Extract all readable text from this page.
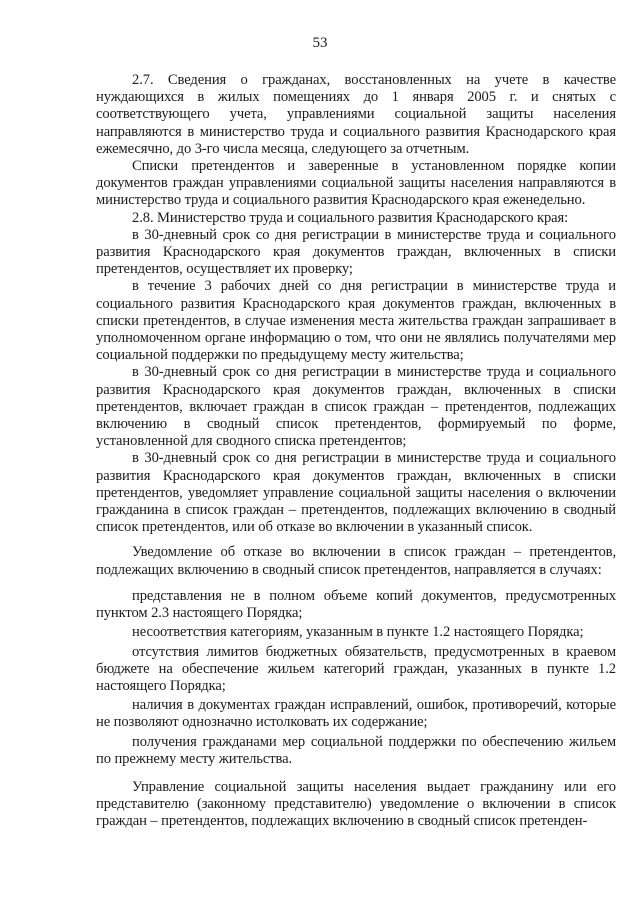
53

2.7. Сведения о гражданах, восстановленных на учете в качестве нуждающихся в жилых помещениях до 1 января 2005 г. и снятых с соответствующего учета, управлениями социальной защиты населения направляются в министерство труда и социального развития Краснодарского края ежемесячно, до 3-го числа месяца, следующего за отчетным.

Списки претендентов и заверенные в установленном порядке копии документов граждан управлениями социальной защиты населения направляются в министерство труда и социального развития Краснодарского края еженедельно.

2.8. Министерство труда и социального развития Краснодарского края:

в 30-дневный срок со дня регистрации в министерстве труда и социального развития Краснодарского края документов граждан, включенных в списки претендентов, осуществляет их проверку;

в течение 3 рабочих дней со дня регистрации в министерстве труда и социального развития Краснодарского края документов граждан, включенных в списки претендентов, в случае изменения места жительства граждан запрашивает в уполномоченном органе информацию о том, что они не являлись получателями мер социальной поддержки по предыдущему месту жительства;

в 30-дневный срок со дня регистрации в министерстве труда и социального развития Краснодарского края документов граждан, включенных в списки претендентов, включает граждан в список граждан – претендентов, подлежащих включению в сводный список претендентов, формируемый по форме, установленной для сводного списка претендентов;

в 30-дневный срок со дня регистрации в министерстве труда и социального развития Краснодарского края документов граждан, включенных в списки претендентов, уведомляет управление социальной защиты населения о включении гражданина в список граждан – претендентов, подлежащих включению в сводный список претендентов, или об отказе во включении в указанный список.

Уведомление об отказе во включении в список граждан – претендентов, подлежащих включению в сводный список претендентов, направляется в случаях:

представления не в полном объеме копий документов, предусмотренных пунктом 2.3 настоящего Порядка;

несоответствия категориям, указанным в пункте 1.2 настоящего Порядка;

отсутствия лимитов бюджетных обязательств, предусмотренных в краевом бюджете на обеспечение жильем категорий граждан, указанных в пункте 1.2 настоящего Порядка;

наличия в документах граждан исправлений, ошибок, противоречий, которые не позволяют однозначно истолковать их содержание;

получения гражданами мер социальной поддержки по обеспечению жильем по прежнему месту жительства.

Управление социальной защиты населения выдает гражданину или его представителю (законному представителю) уведомление о включении в список граждан – претендентов, подлежащих включению в сводный список претенден-
